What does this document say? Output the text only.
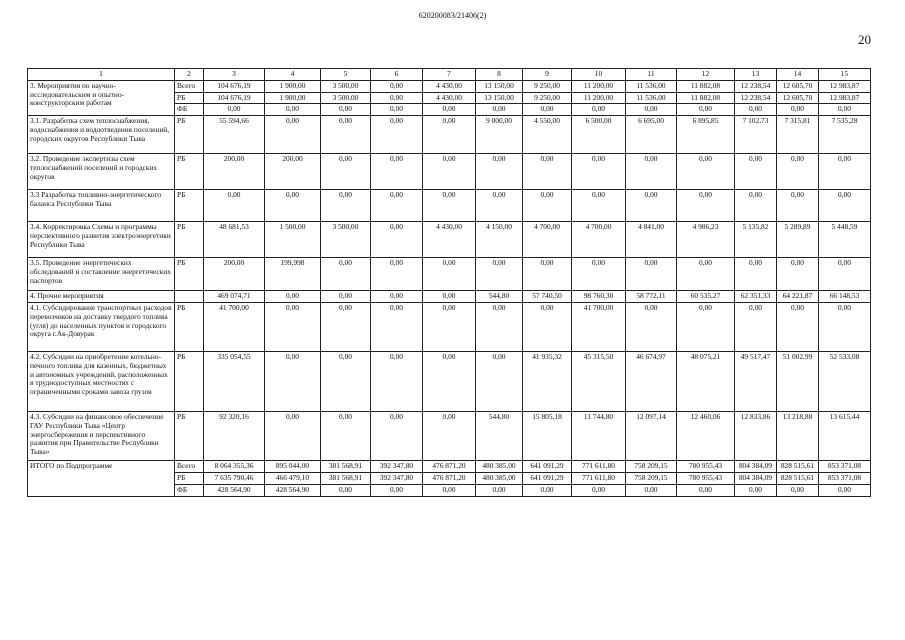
620200083/21406(2)
20
1	2	3	4	5	6	7	8	9	10	11	12	13	14	15
3. Мероприятия по научно-исследовательским и опытно-конструкторским работам	Всего	104 676,19	1 900,00	3 500,00	0,00	4 430,00	13 150,00	9 250,00	11 200,00	11 536,00	11 882,08	12 238,54	12 605,70	12 983,87
	РБ	104 676,19	1 900,00	3 500,00	0,00	4 430,00	13 150,00	9 250,00	11 200,00	11 536,00	11 882,08	12 238,54	12 605,70	12 983,87
	ФБ	0,00	0,00	0,00	0,00	0,00	0,00	0,00	0,00	0,00	0,00	0,00	0,00	0,00
3.1. Разработка схем теплоснабжения, водоснабжения и водоотведения поселений, городских округов Республики Тыва	РБ	55 594,66	0,00	0,00	0,00	0,00	9 000,00	4 550,00	6 500,00	6 695,00	6 895,85	7 102,73	7 315,81	7 535,28
3.2. Проведение экспертизы схем теплоснабжений поселений и городских округов	РБ	200,00	200,00	0,00	0,00	0,00	0,00	0,00	0,00	0,00	0,00	0,00	0,00	0,00
3.3 Разработка топливно-энергетического баланса Республики Тыва	РБ	0,00	0,00	0,00	0,00	0,00	0,00	0,00	0,00	0,00	0,00	0,00	0,00	0,00
3.4. Корректировка Схемы и программы перспективного развития электроэнергетики Республики Тыва	РБ	48 681,53	1 500,00	3 500,00	0,00	4 430,00	4 150,00	4 700,00	4 700,00	4 841,00	4 986,23	5 135,82	5 289,89	5 448,59
3.5. Проведение энергетических обследований и составление энергетических паспортов	РБ	200,00	199,998	0,00	0,00	0,00	0,00	0,00	0,00	0,00	0,00	0,00	0,00	0,00
4. Прочие мероприятия		469 074,71	0,00	0,00	0,00	0,00	544,80	57 740,50	98 760,30	58 772,11	60 535,27	62 351,33	64 221,87	66 148,53
4.1. Субсидирование транспортных расходов перевозчиков на доставку твердого топлива (угля) до населенных пунктов и городского округа г.Ак-Довурак	РБ	41 700,00	0,00	0,00	0,00	0,00	0,00	0,00	41 700,00	0,00	0,00	0,00	0,00	0,00
4.2. Субсидии на приобретение котельно-печного топлива для казенных, бюджетных и автономных учреждений, расположенных в труднодоступных местностях с ограниченными сроками завоза грузов	РБ	335 054,55	0,00	0,00	0,00	0,00	0,00	41 935,32	45 315,50	46 674,97	48 075,21	49 517,47	51 002,99	52 533,08
4.3. Субсидии на финансовое обеспечение ГАУ Республики Тыва «Центр энергосбережения и перспективного развития при Правительстве Республики Тыва»	РБ	92 320,16	0,00	0,00	0,00	0,00	544,80	15 805,18	11 744,80	12 097,14	12 460,06	12 833,86	13 218,88	13 615,44
ИТОГО по Подпрограмме	Всего	8 064 355,36	895 044,00	381 568,91	392 347,80	476 871,20	480 385,00	641 091,29	771 611,80	758 209,15	780 955,43	804 384,09	828 515,61	853 371,08
	РБ	7 635 790,46	466 479,10	381 568,91	392 347,80	476 871,20	480 385,00	641 091,29	771 611,80	758 209,15	780 955,43	804 384,09	828 515,61	853 371,08
	ФБ	428 564,90	428 564,90	0,00	0,00	0,00	0,00	0,00	0,00	0,00	0,00	0,00	0,00	0,00
